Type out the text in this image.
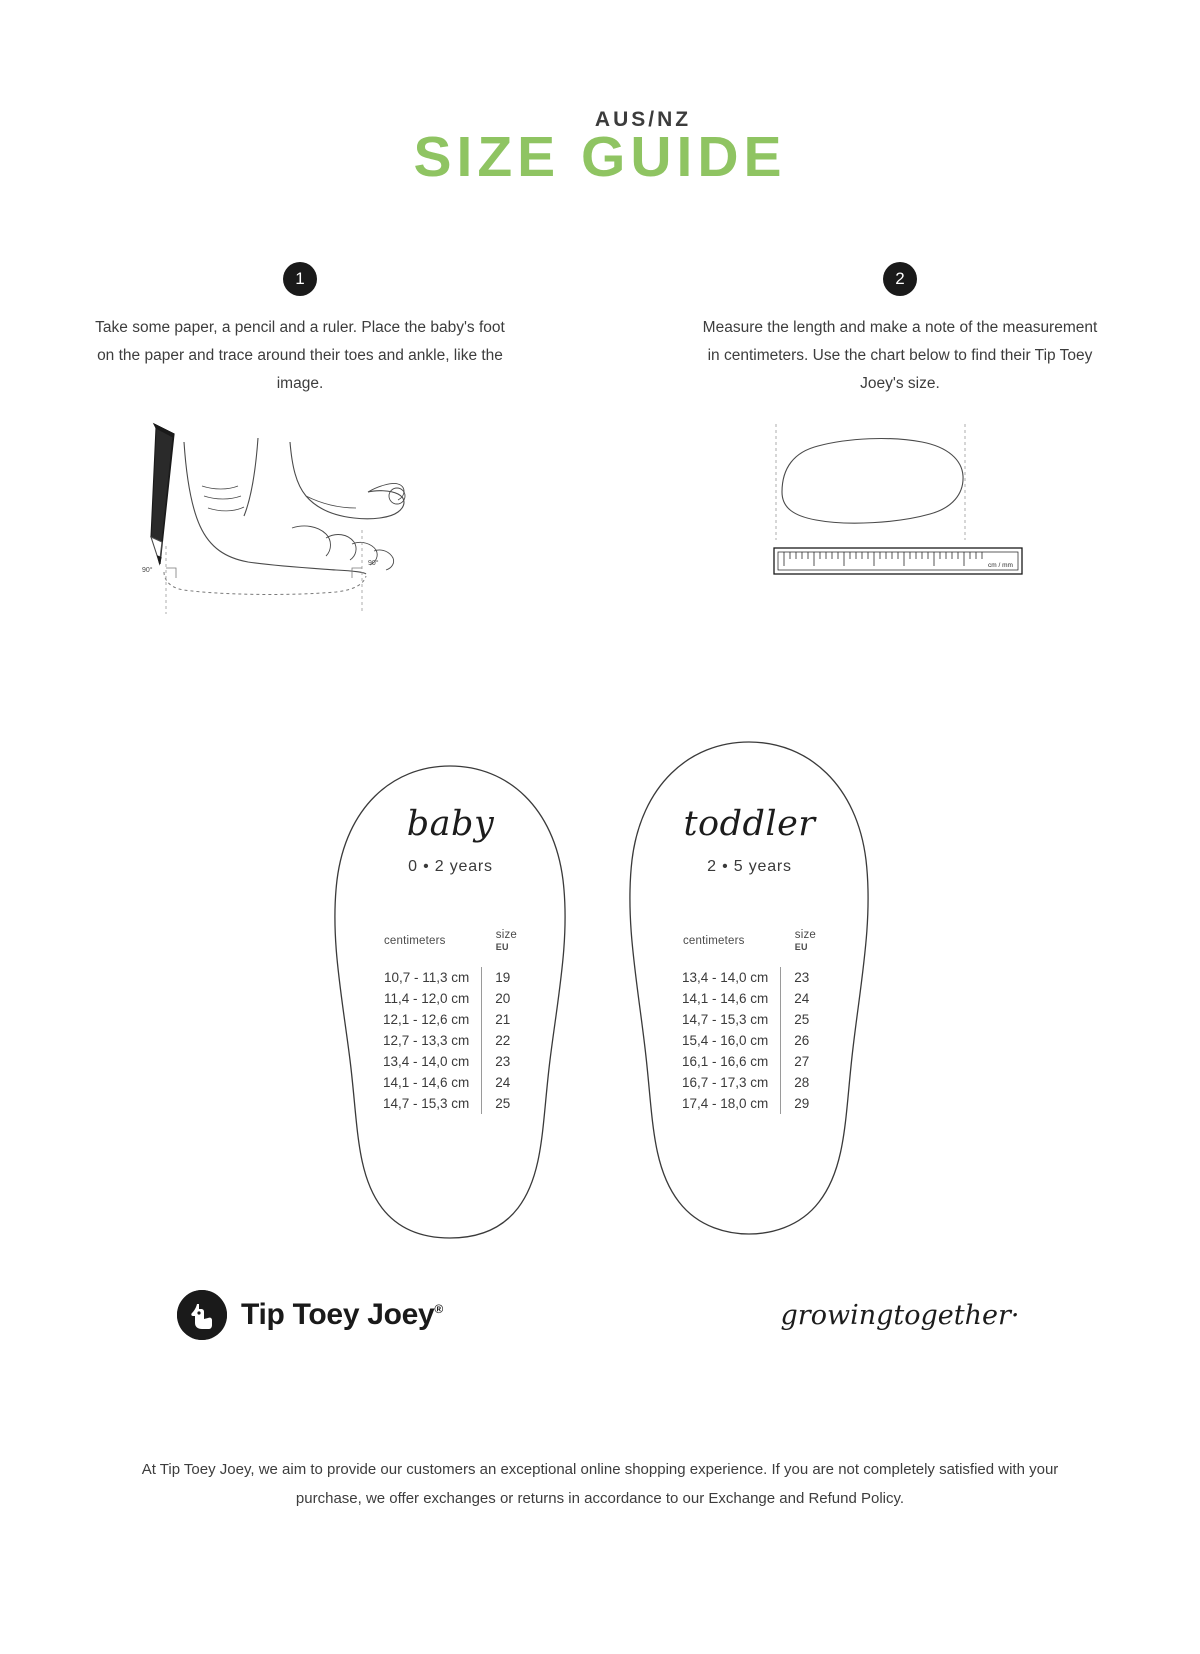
AUS/NZ
SIZE GUIDE
1
Take some paper, a pencil and a ruler. Place the baby's foot on the paper and trace around their toes and ankle, like the image.
2
Measure the length and make a note of the measurement in centimeters. Use the chart below to find their Tip Toey Joey's size.
90°
90°	cm / mm
baby
0 • 2 years
centimeters	size
EU

10,7 - 11,3 cm	19
11,4 - 12,0 cm	20
12,1 - 12,6 cm	21
12,7 - 13,3 cm	22
13,4 - 14,0 cm	23
14,1 - 14,6 cm	24
14,7 - 15,3 cm	25
toddler
2 • 5 years
centimeters	size
EU

13,4 - 14,0 cm	23
14,1 - 14,6 cm	24
14,7 - 15,3 cm	25
15,4 - 16,0 cm	26
16,1 - 16,6 cm	27
16,7 - 17,3 cm	28
17,4 - 18,0 cm	29
Tip Toey Joey®	growingtogether·
At Tip Toey Joey, we aim to provide our customers an exceptional online shopping experience. If you are not completely satisfied with your purchase, we offer exchanges or returns in accordance to our Exchange and Refund Policy.
